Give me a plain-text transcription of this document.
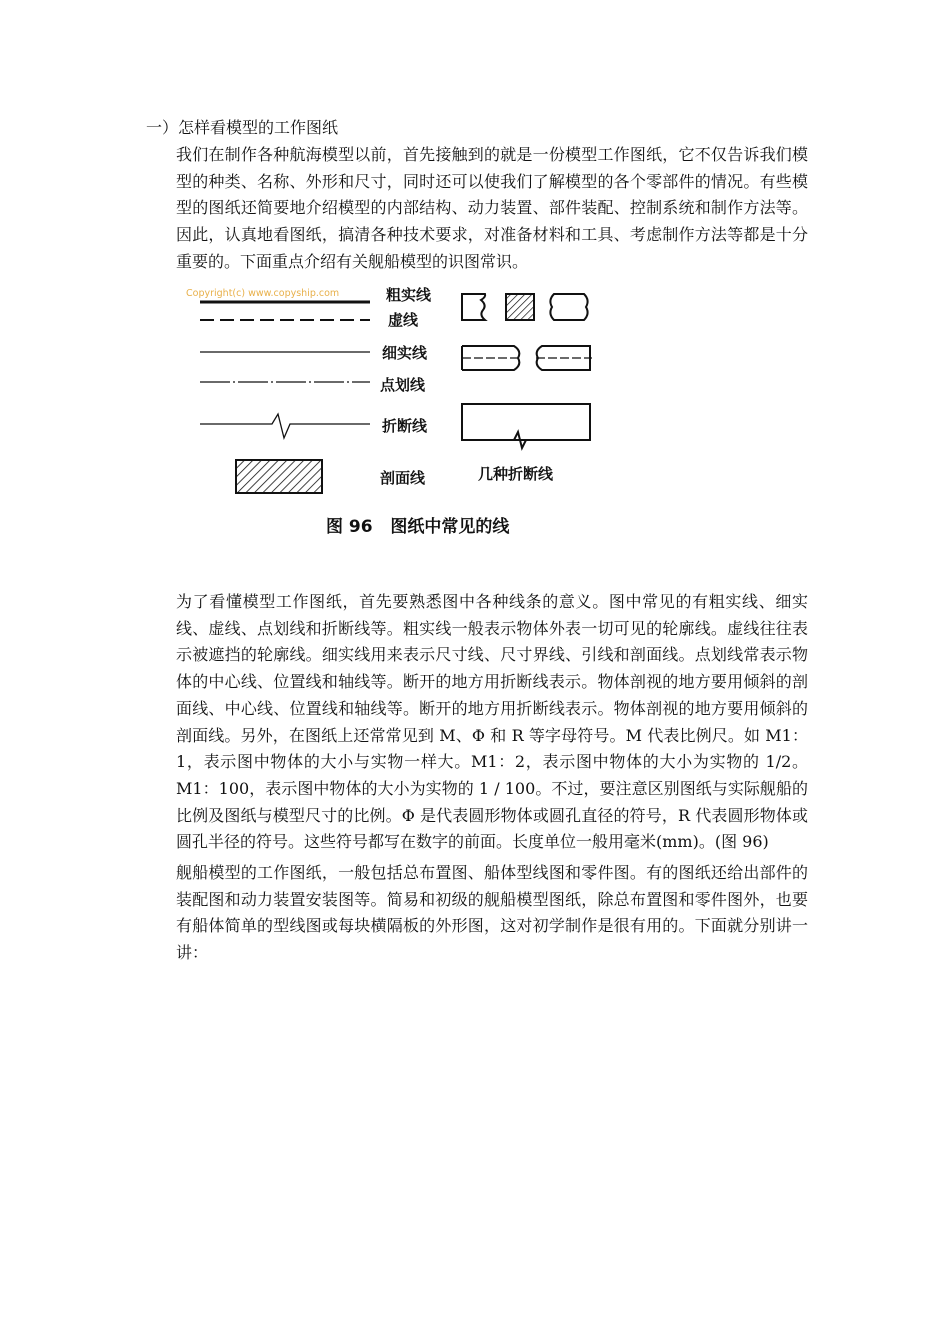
一）怎样看模型的工作图纸

我们在制作各种航海模型以前，首先接触到的就是一份模型工作图纸，它不仅告诉我们模型的种类、名称、外形和尺寸，同时还可以使我们了解模型的各个零部件的情况。有些模型的图纸还简要地介绍模型的内部结构、动力装置、部件装配、控制系统和制作方法等。因此，认真地看图纸，搞清各种技术要求，对准备材料和工具、考虑制作方法等都是十分重要的。下面重点介绍有关舰船模型的识图常识。

Copyright(c) www.copyship.com	粗实线
虚线
细实线
点划线
折断线
剖面线	几种折断线
图 96   图纸中常见的线

为了看懂模型工作图纸，首先要熟悉图中各种线条的意义。图中常见的有粗实线、细实线、虚线、点划线和折断线等。粗实线一般表示物体外表一切可见的轮廓线。虚线往往表示被遮挡的轮廓线。细实线用来表示尺寸线、尺寸界线、引线和剖面线。点划线常表示物体的中心线、位置线和轴线等。断开的地方用折断线表示。物体剖视的地方要用倾斜的剖面线、中心线、位置线和轴线等。断开的地方用折断线表示。物体剖视的地方要用倾斜的剖面线。另外，在图纸上还常常见到 M、Φ 和 R 等字母符号。M 代表比例尺。如 M1：1，表示图中物体的大小与实物一样大。M1：2，表示图中物体的大小为实物的 1/2。M1：100，表示图中物体的大小为实物的 1 / 100。不过，要注意区别图纸与实际舰船的比例及图纸与模型尺寸的比例。Φ 是代表圆形物体或圆孔直径的符号，R 代表圆形物体或圆孔半径的符号。这些符号都写在数字的前面。长度单位一般用毫米(mm)。(图 96)

舰船模型的工作图纸，一般包括总布置图、船体型线图和零件图。有的图纸还给出部件的装配图和动力装置安装图等。简易和初级的舰船模型图纸，除总布置图和零件图外，也要有船体简单的型线图或每块横隔板的外形图，这对初学制作是很有用的。下面就分别讲一讲：
